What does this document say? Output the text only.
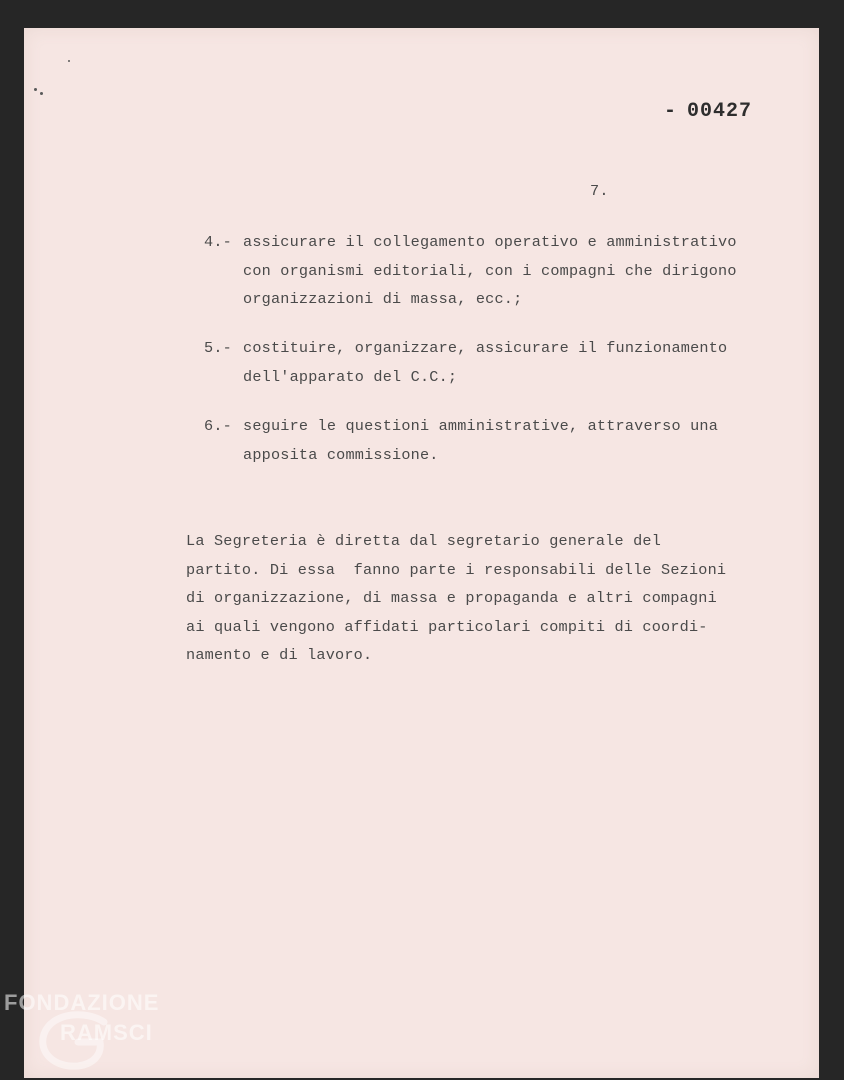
- 00427
7.
4.- assicurare il collegamento operativo e amministrativo
con organismi editoriali, con i compagni che dirigono
organizzazioni di massa, ecc.;
5.- costituire, organizzare, assicurare il funzionamento
dell'apparato del C.C.;
6.- seguire le questioni amministrative, attraverso una
apposita commissione.
La Segreteria è diretta dal segretario generale del
partito. Di essa  fanno parte i responsabili delle Sezioni
di organizzazione, di massa e propaganda e altri compagni
ai quali vengono affidati particolari compiti di coordi-
namento e di lavoro.
FONDAZIONE
RAMSCI
